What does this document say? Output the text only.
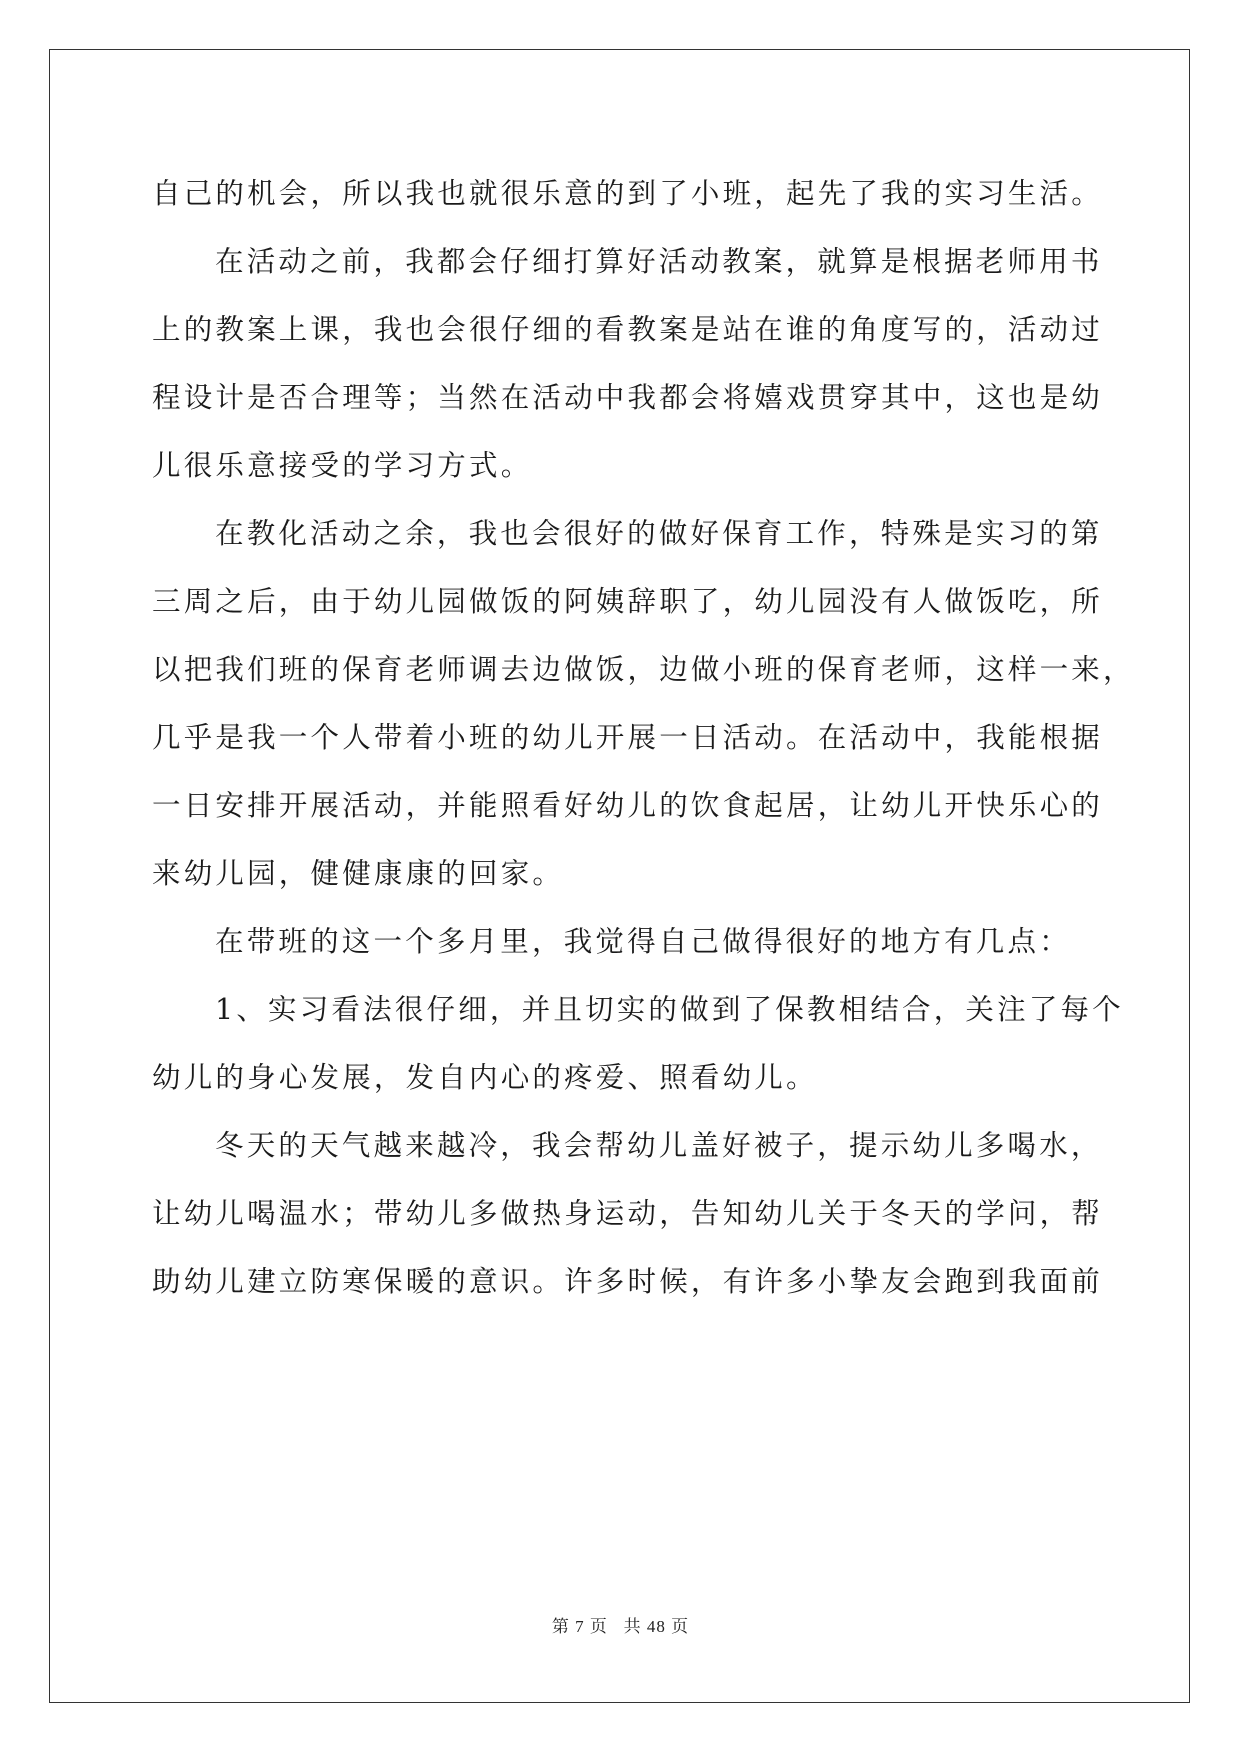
自己的机会，所以我也就很乐意的到了小班，起先了我的实习生活。
在活动之前，我都会仔细打算好活动教案，就算是根据老师用书
上的教案上课，我也会很仔细的看教案是站在谁的角度写的，活动过
程设计是否合理等；当然在活动中我都会将嬉戏贯穿其中，这也是幼
儿很乐意接受的学习方式。
在教化活动之余，我也会很好的做好保育工作，特殊是实习的第
三周之后，由于幼儿园做饭的阿姨辞职了，幼儿园没有人做饭吃，所
以把我们班的保育老师调去边做饭，边做小班的保育老师，这样一来，
几乎是我一个人带着小班的幼儿开展一日活动。在活动中，我能根据
一日安排开展活动，并能照看好幼儿的饮食起居，让幼儿开快乐心的
来幼儿园，健健康康的回家。
在带班的这一个多月里，我觉得自己做得很好的地方有几点：
1、实习看法很仔细，并且切实的做到了保教相结合，关注了每个
幼儿的身心发展，发自内心的疼爱、照看幼儿。
冬天的天气越来越冷，我会帮幼儿盖好被子，提示幼儿多喝水，
让幼儿喝温水；带幼儿多做热身运动，告知幼儿关于冬天的学问，帮
助幼儿建立防寒保暖的意识。许多时候，有许多小挚友会跑到我面前
第 7 页 共 48 页
